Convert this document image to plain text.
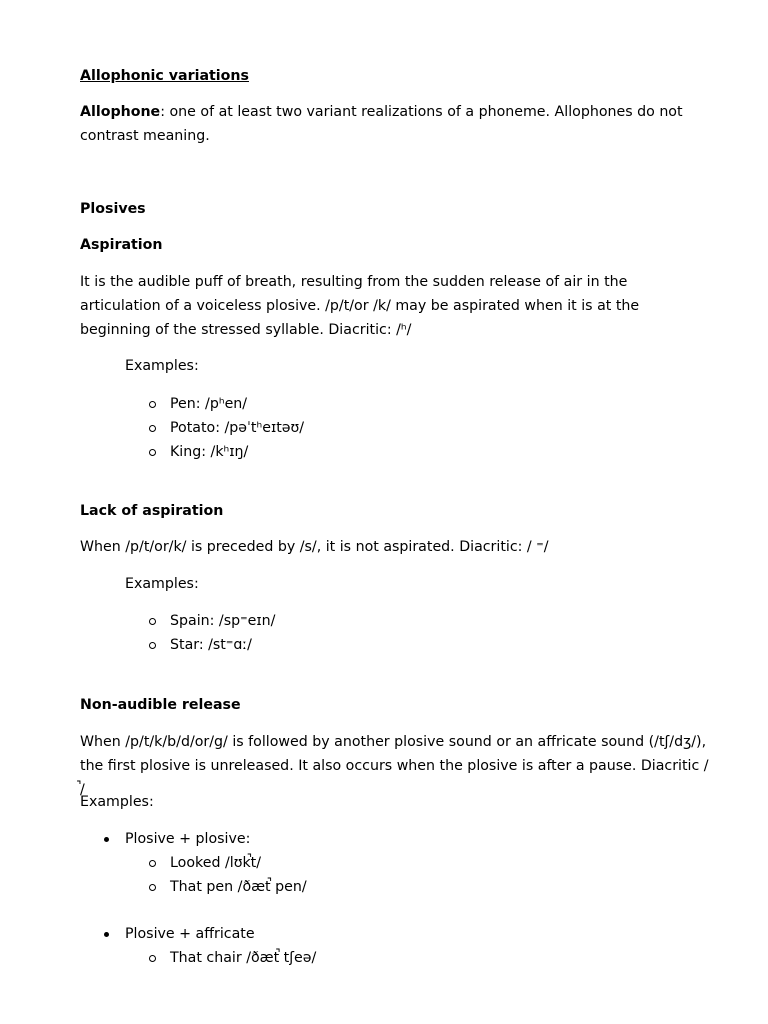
Allophonic variations

Allophone: one of at least two variant realizations of a phoneme. Allophones do not contrast meaning.

Plosives

Aspiration

It is the audible puff of breath, resulting from the sudden release of air in the articulation of a voiceless plosive. /p/t/or /k/ may be aspirated when it is at the beginning of the stressed syllable. Diacritic: /ʰ/

Examples:

Pen: /pʰen/
Potato: /pəˈtʰeɪtəʊ/
King: /kʰɪŋ/

Lack of aspiration

When /p/t/or/k/ is preceded by /s/, it is not aspirated. Diacritic: / ⁼/

Examples:

Spain: /sp⁼eɪn/
Star: /st⁼ɑː/

Non-audible release

When /p/t/k/b/d/or/g/ is followed by another plosive sound or an affricate sound (/tʃ/dʒ/), the first plosive is unreleased. It also occurs when the plosive is after a pause. Diacritic / ̚/

Examples:

Plosive + plosive:
Looked /lʊk̚t/
That pen /ðæt̚ pen/
Plosive + affricate
That chair /ðæt̚ tʃeə/
